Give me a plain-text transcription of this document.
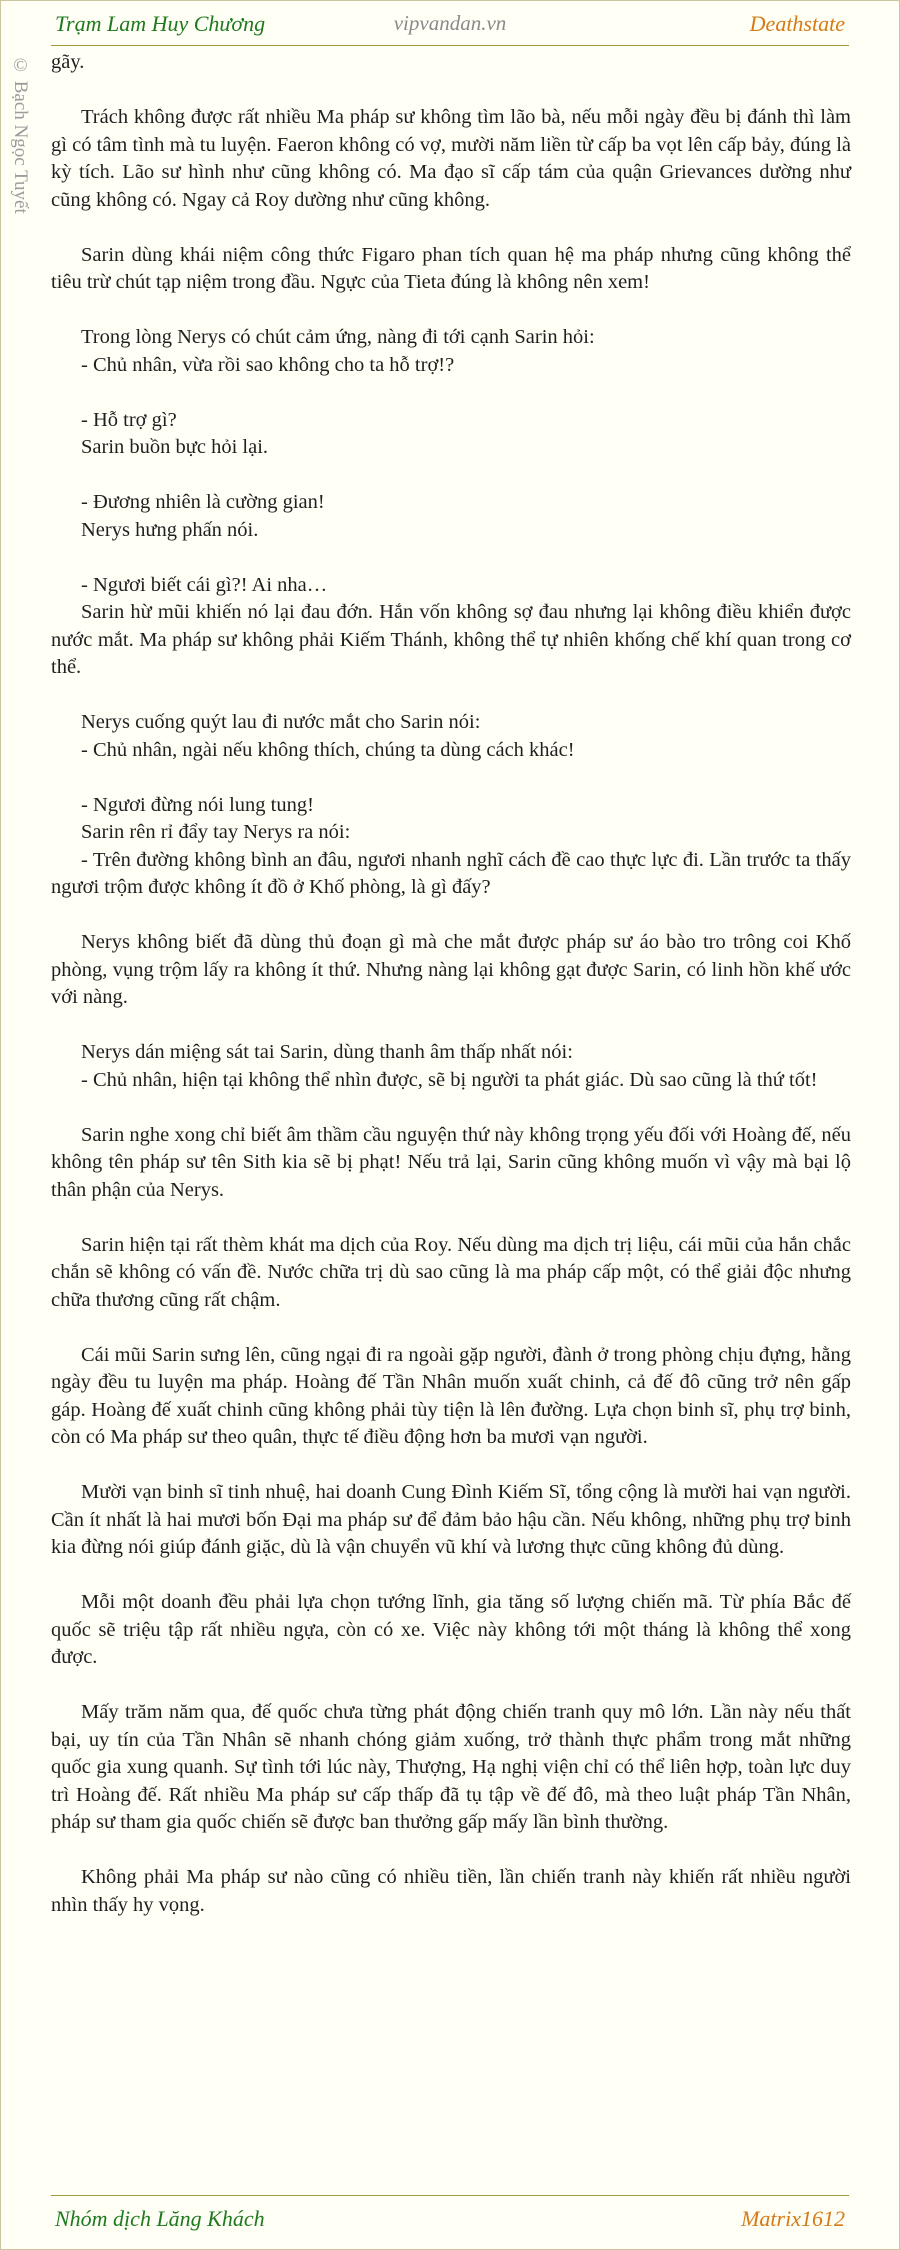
Trạm Lam Huy Chương	vipvandan.vn	Deathstate
© Bạch Ngọc Tuyết gãy.

Trách không được rất nhiều Ma pháp sư không tìm lão bà, nếu mỗi ngày đều bị đánh thì làm gì có tâm tình mà tu luyện. Faeron không có vợ, mười năm liền từ cấp ba vọt lên cấp bảy, đúng là kỳ tích. Lão sư hình như cũng không có. Ma đạo sĩ cấp tám của quận Grievances dường như cũng không có. Ngay cả Roy dường như cũng không.

Sarin dùng khái niệm công thức Figaro phan tích quan hệ ma pháp nhưng cũng không thể tiêu trừ chút tạp niệm trong đầu. Ngực của Tieta đúng là không nên xem!

Trong lòng Nerys có chút cảm ứng, nàng đi tới cạnh Sarin hỏi:
- Chủ nhân, vừa rồi sao không cho ta hỗ trợ!?

- Hỗ trợ gì?
Sarin buồn bực hỏi lại.

- Đương nhiên là cường gian!
Nerys hưng phấn nói.

- Ngươi biết cái gì?! Ai nha…
Sarin hừ mũi khiến nó lại đau đớn. Hắn vốn không sợ đau nhưng lại không điều khiển được nước mắt. Ma pháp sư không phải Kiếm Thánh, không thể tự nhiên khống chế khí quan trong cơ thể.

Nerys cuống quýt lau đi nước mắt cho Sarin nói:
- Chủ nhân, ngài nếu không thích, chúng ta dùng cách khác!

- Ngươi đừng nói lung tung!
Sarin rên rỉ đẩy tay Nerys ra nói:
- Trên đường không bình an đâu, ngươi nhanh nghĩ cách đề cao thực lực đi. Lần trước ta thấy ngươi trộm được không ít đồ ở Khố phòng, là gì đấy?

Nerys không biết đã dùng thủ đoạn gì mà che mắt được pháp sư áo bào tro trông coi Khố phòng, vụng trộm lấy ra không ít thứ. Nhưng nàng lại không gạt được Sarin, có linh hồn khế ước với nàng.

Nerys dán miệng sát tai Sarin, dùng thanh âm thấp nhất nói:
- Chủ nhân, hiện tại không thể nhìn được, sẽ bị người ta phát giác. Dù sao cũng là thứ tốt!

Sarin nghe xong chỉ biết âm thầm cầu nguyện thứ này không trọng yếu đối với Hoàng đế, nếu không tên pháp sư tên Sith kia sẽ bị phạt! Nếu trả lại, Sarin cũng không muốn vì vậy mà bại lộ thân phận của Nerys.

Sarin hiện tại rất thèm khát ma dịch của Roy. Nếu dùng ma dịch trị liệu, cái mũi của hắn chắc chắn sẽ không có vấn đề. Nước chữa trị dù sao cũng là ma pháp cấp một, có thể giải độc nhưng chữa thương cũng rất chậm.

Cái mũi Sarin sưng lên, cũng ngại đi ra ngoài gặp người, đành ở trong phòng chịu đựng, hằng ngày đều tu luyện ma pháp. Hoàng đế Tần Nhân muốn xuất chinh, cả đế đô cũng trở nên gấp gáp. Hoàng đế xuất chinh cũng không phải tùy tiện là lên đường. Lựa chọn binh sĩ, phụ trợ binh, còn có Ma pháp sư theo quân, thực tế điều động hơn ba mươi vạn người.

Mười vạn binh sĩ tinh nhuệ, hai doanh Cung Đình Kiếm Sĩ, tổng cộng là mười hai vạn người. Cần ít nhất là hai mươi bốn Đại ma pháp sư để đảm bảo hậu cần. Nếu không, những phụ trợ binh kia đừng nói giúp đánh giặc, dù là vận chuyển vũ khí và lương thực cũng không đủ dùng.

Mỗi một doanh đều phải lựa chọn tướng lĩnh, gia tăng số lượng chiến mã. Từ phía Bắc đế quốc sẽ triệu tập rất nhiều ngựa, còn có xe. Việc này không tới một tháng là không thể xong được.

Mấy trăm năm qua, đế quốc chưa từng phát động chiến tranh quy mô lớn. Lần này nếu thất bại, uy tín của Tần Nhân sẽ nhanh chóng giảm xuống, trở thành thực phẩm trong mắt những quốc gia xung quanh. Sự tình tới lúc này, Thượng, Hạ nghị viện chỉ có thể liên hợp, toàn lực duy trì Hoàng đế. Rất nhiều Ma pháp sư cấp thấp đã tụ tập về đế đô, mà theo luật pháp Tần Nhân, pháp sư tham gia quốc chiến sẽ được ban thưởng gấp mấy lần bình thường.

Không phải Ma pháp sư nào cũng có nhiều tiền, lần chiến tranh này khiến rất nhiều người nhìn thấy hy vọng.

Nhóm dịch Lăng Khách	Matrix1612
